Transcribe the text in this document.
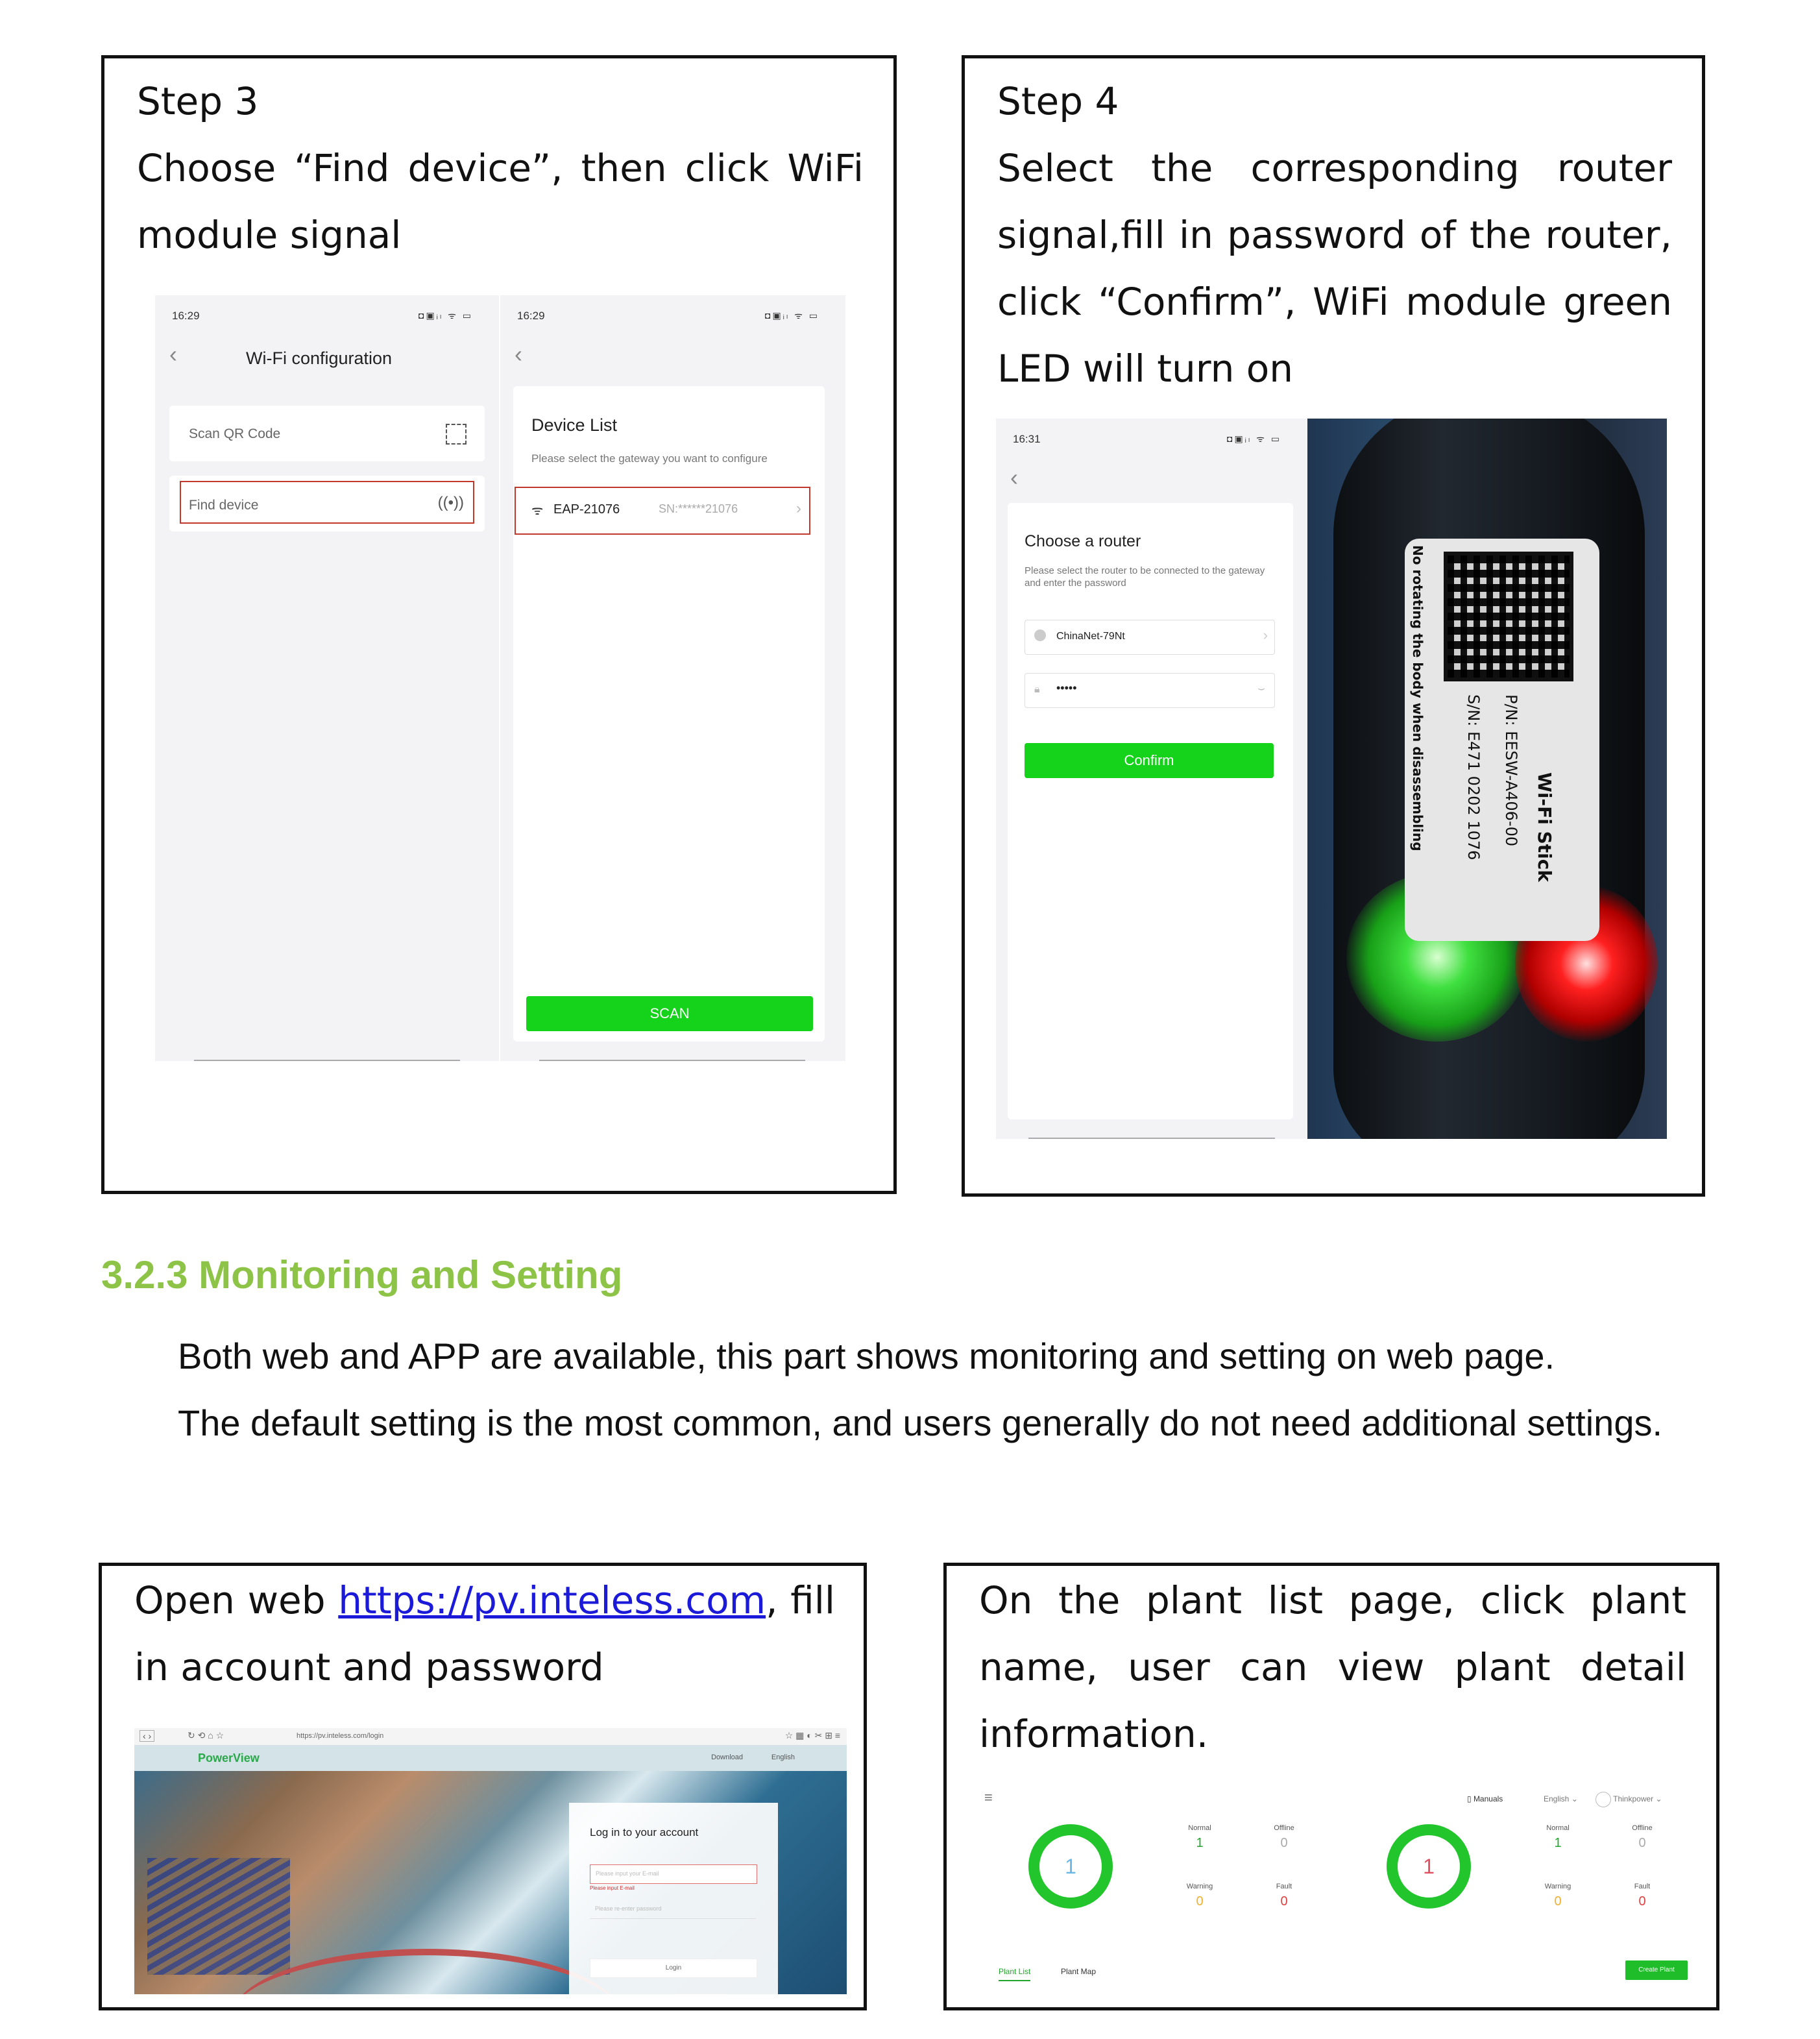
Step 3
Choose “Find device”, then click WiFi module signal
16:29	◘▣ᵢₗ ᯤ ▭
‹	Wi-Fi configuration
Scan QR Code
Find device	((•))
16:29	◘▣ᵢₗ ᯤ ▭
‹
Device List
Please select the gateway you want to configure
ᯤ EAP-21076	SN:******21076	›
SCAN
Step 4
Select the corresponding router signal,fill in password of the router, click “Confirm”, WiFi module green LED will turn on
16:31	◘▣ᵢₗ ᯤ ▭
‹
Choose a router
Please select the router to be connected to the gateway and enter the password
ChinaNet-79Nt	›
🔒︎ •••••	⌣
Confirm
Wi-Fi Stick
P/N: EESW-A406-00
S/N: E471 0202 1076
No rotating the body when disassembling
3.2.3 Monitoring and Setting
Both web and APP are available, this part shows monitoring and setting on web page.
The default setting is the most common, and users generally do not need additional settings.
Open web https://pv.inteless.com, fill in account and password
‹ ›	↻ ⟲ ⌂ ☆	https://pv.inteless.com/login	☆ ▦ ◐ ✂ ⊞ ≡
PowerView	Download	English
Log in to your account
Please input your E-mail
Please input E-mail
Please re-enter password
Login
On the plant list page, click plant name, user can view plant detail information.
≡	▯ Manuals	English ⌄	Thinkpower ⌄
1
Normal
1
Offline
0
Warning
0
Fault
0
1
Normal
1
Offline
0
Warning
0
Fault
0
Plant List	Plant Map	Create Plant
